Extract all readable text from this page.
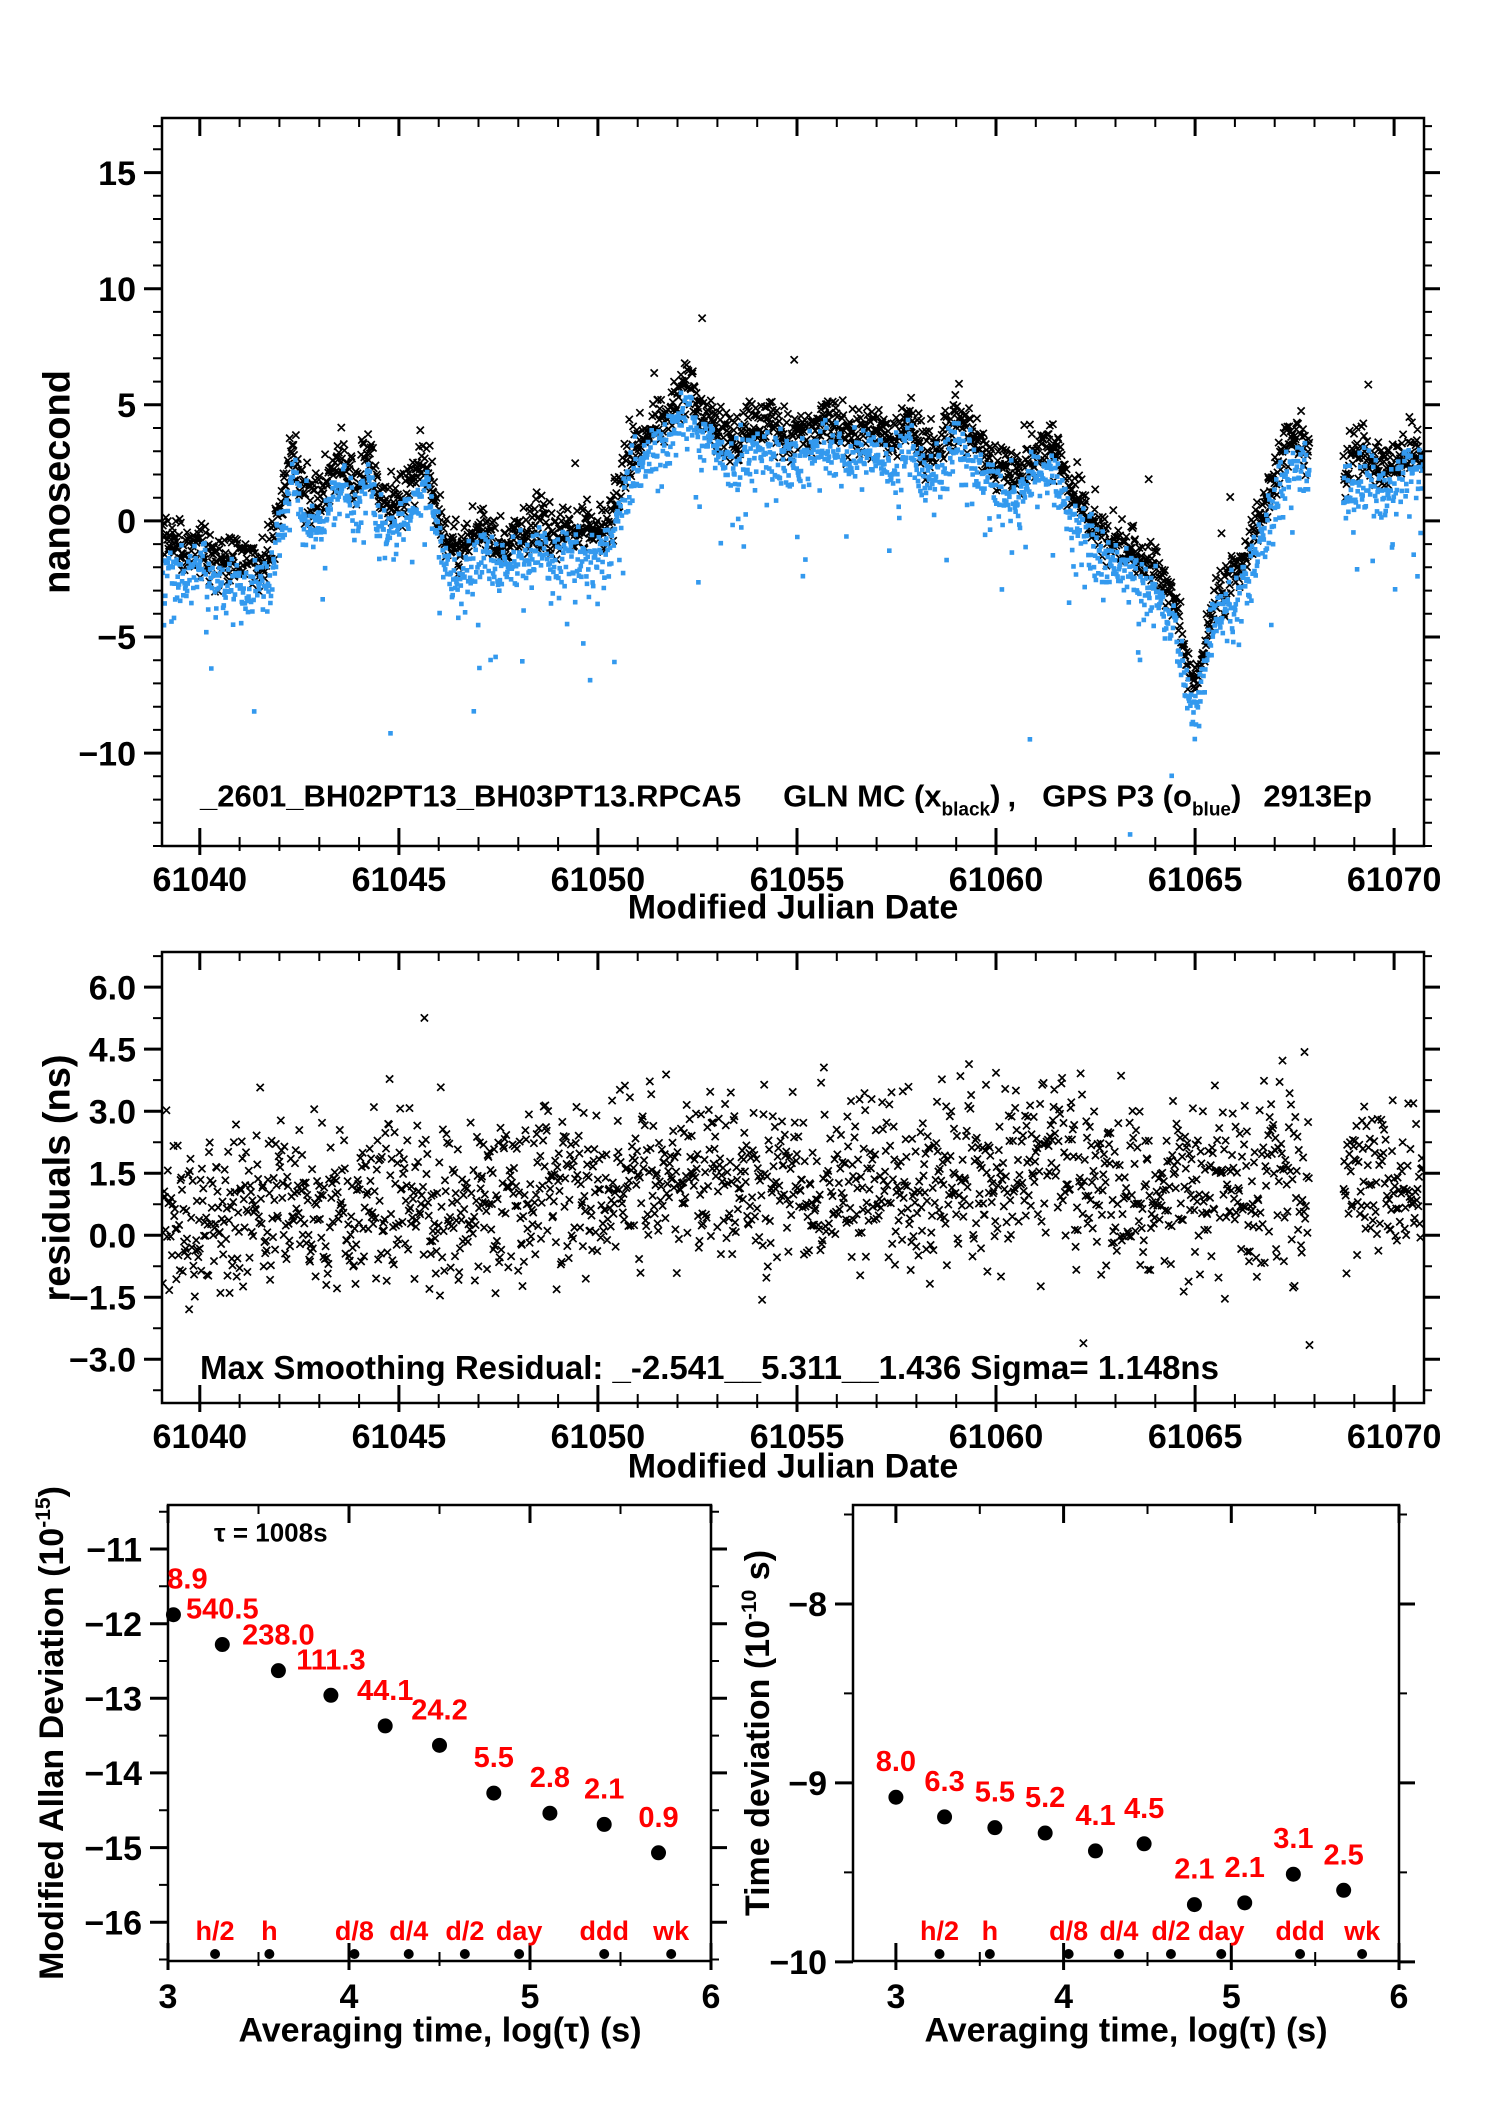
61040	61045	61050	61055	61060	61065	61070
15
10
5
0
−5
−10
61040	61045	61050	61055	61060	61065	61070
6.0
4.5
3.0
1.5
0.0
−1.5
−3.0
3	4	5	6
−11
−12
−13
−14
−15
−16
8.9
540.5
238.0
111.3
44.1
24.2
5.5
2.8 2.1
0.9
h/2 h d/8 d/4 d/2 day ddd wk
3	4	5	6
−8
−9
−10
8.0
6.3 5.5 5.2
4.1 4.5
2.1 2.1
3.1
2.5
h/2 h d/8 d/4 d/2 day ddd wk
_2601_BH02PT13_BH03PT13.RPCA5 GLN MC $(x_{black})$ , GPS P3 $(o_{blue})$ 2913Ep
nanosecond
Modified Julian Date
residuals (ns)
Modified Julian Date
Max Smoothing Residual: _-2.541__5.311__1.436 Sigma= 1.148ns
Modified Allan Deviation $(10^{-15})$
Averaging time, log(τ) (s)
τ = 1008s
Time deviation ($10^{-10}$ s)
Averaging time, log(τ) (s)
